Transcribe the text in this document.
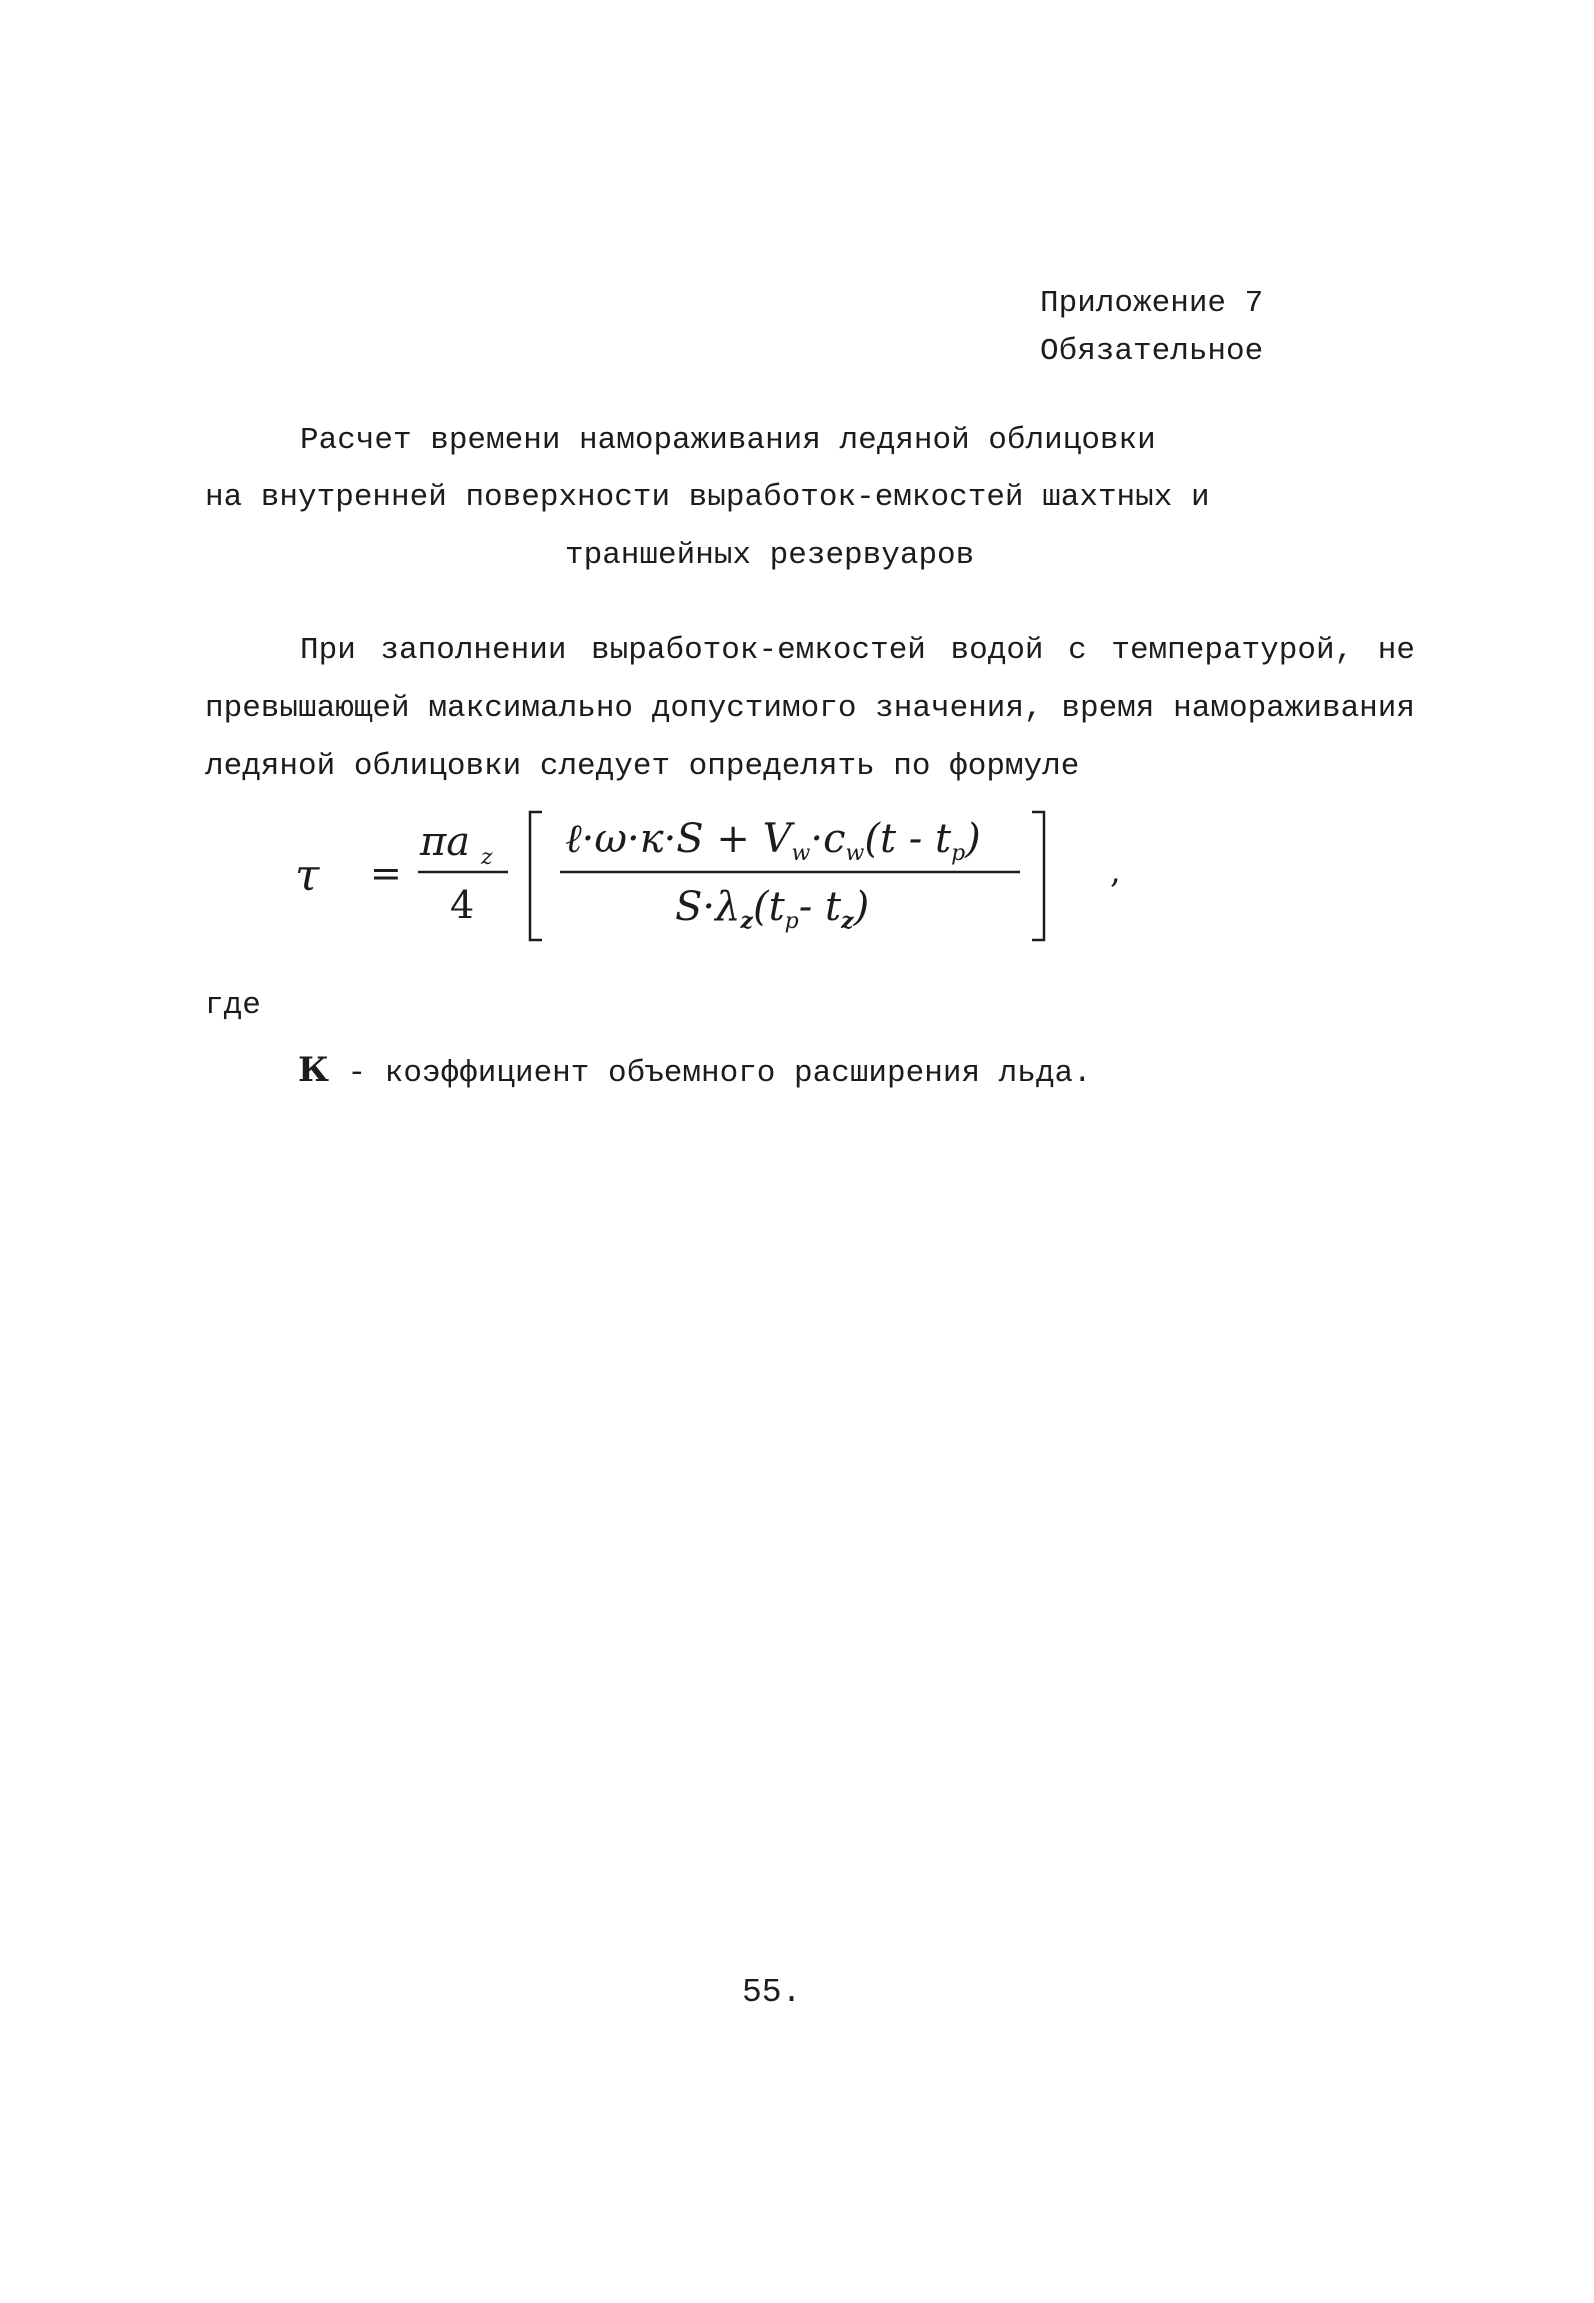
Приложение 7
Обязательное
Расчет времени намораживания ледяной облицовки
на внутренней поверхности выработок-емкостей шахтных и
траншейных резервуаров
При заполнении выработок-емкостей водой с температурой, не превышающей максимально допустимого значения, время намораживания ледяной облицовки следует определять по формуле
τ =
πa z
4
ℓ·ω·к·S + $V_w\cdot c_w(t - t_p)$
$S\cdot\lambda_z(t_p-$ $t_z$)
,
где
К - коэффициент объемного расширения льда.
55.
